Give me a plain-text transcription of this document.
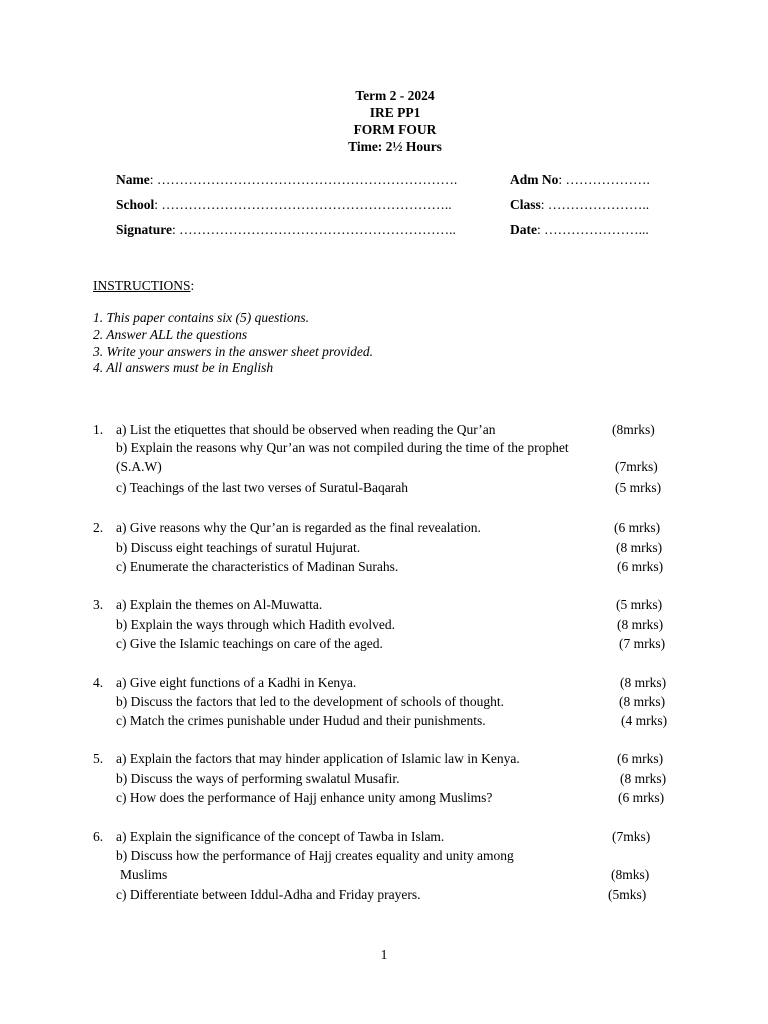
Term 2 - 2024
IRE PP1
FORM FOUR
Time: 2½ Hours
Name: ………………………………………………………….	Adm No: ……………….
School: ………………………………………………………..	Class: …………………..
Signature: ……………………………………………………..	Date: …………………...
INSTRUCTIONS:
1. This paper contains six (5) questions.
2. Answer ALL the questions
3. Write your answers in the answer sheet provided.
4. All answers must be in English
1. a) List the etiquettes that should be observed when reading the Qur’an	(8mrks)
b) Explain the reasons why Qur’an was not compiled during the time of the prophet
(S.A.W)	(7mrks)
c) Teachings of the last two verses of Suratul-Baqarah	(5 mrks)
2. a) Give reasons why the Qur’an is regarded as the final revealation.	(6 mrks)
b) Discuss eight teachings of suratul Hujurat.	(8 mrks)
c) Enumerate the characteristics of Madinan Surahs.	(6 mrks)
3. a) Explain the themes on Al-Muwatta.	(5 mrks)
b) Explain the ways through which Hadith evolved.	(8 mrks)
c) Give the Islamic teachings on care of the aged.	(7 mrks)
4. a) Give eight functions of a Kadhi in Kenya.	(8 mrks)
b) Discuss the factors that led to the development of schools of thought.	(8 mrks)
c) Match the crimes punishable under Hudud and their punishments.	(4 mrks)
5. a) Explain the factors that may hinder application of Islamic law in Kenya.	(6 mrks)
b) Discuss the ways of performing swalatul Musafir.	(8 mrks)
c) How does the performance of Hajj enhance unity among Muslims?	(6 mrks)
6. a) Explain the significance of the concept of Tawba in Islam.	(7mks)
b) Discuss how the performance of Hajj creates equality and unity among
Muslims	(8mks)
c) Differentiate between Iddul-Adha and Friday prayers.	(5mks)
1
